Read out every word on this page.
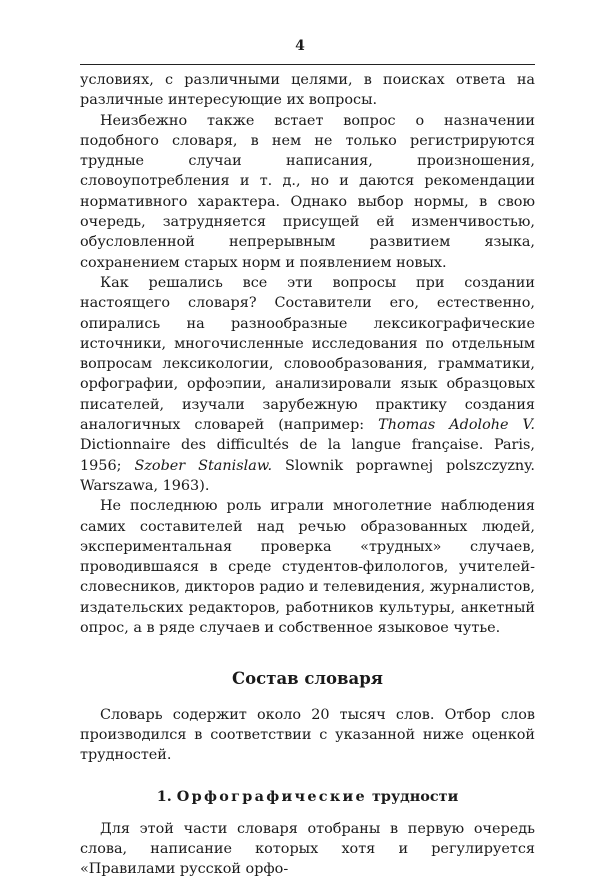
4

условиях, с различными целями, в поисках ответа на различные интересующие их вопросы.

Неизбежно также встает вопрос о назначении подобного словаря, в нем не только регистрируются трудные случаи написания, произношения, словоупотребления и т. д., но и даются рекомендации нормативного характера. Однако выбор нормы, в свою очередь, затрудняется присущей ей изменчивостью, обусловленной непрерывным развитием языка, сохранением старых норм и появлением новых.

Как решались все эти вопросы при создании настоящего словаря? Составители его, естественно, опирались на разнообразные лексикографические источники, многочисленные исследования по отдельным вопросам лексикологии, словообразования, грамматики, орфографии, орфоэпии, анализировали язык образцовых писателей, изучали зарубежную практику создания аналогичных словарей (например: Thomas Adolohe V. Dictionnaire des difficultés de la langue française. Paris, 1956; Szober Stanislaw. Slownik poprawnej polszczyzny. Warszawa, 1963).

Не последнюю роль играли многолетние наблюдения самих составителей над речью образованных людей, экспериментальная проверка «трудных» случаев, проводившаяся в среде студентов-филологов, учителей-словесников, дикторов радио и телевидения, журналистов, издательских редакторов, работников культуры, анкетный опрос, а в ряде случаев и собственное языковое чутье.

Состав словаря

Словарь содержит около 20 тысяч слов. Отбор слов производился в соответствии с указанной ниже оценкой трудностей.

1. Орфографические трудности

Для этой части словаря отобраны в первую очередь слова, написание которых хотя и регулируется «Правилами русской орфо-
